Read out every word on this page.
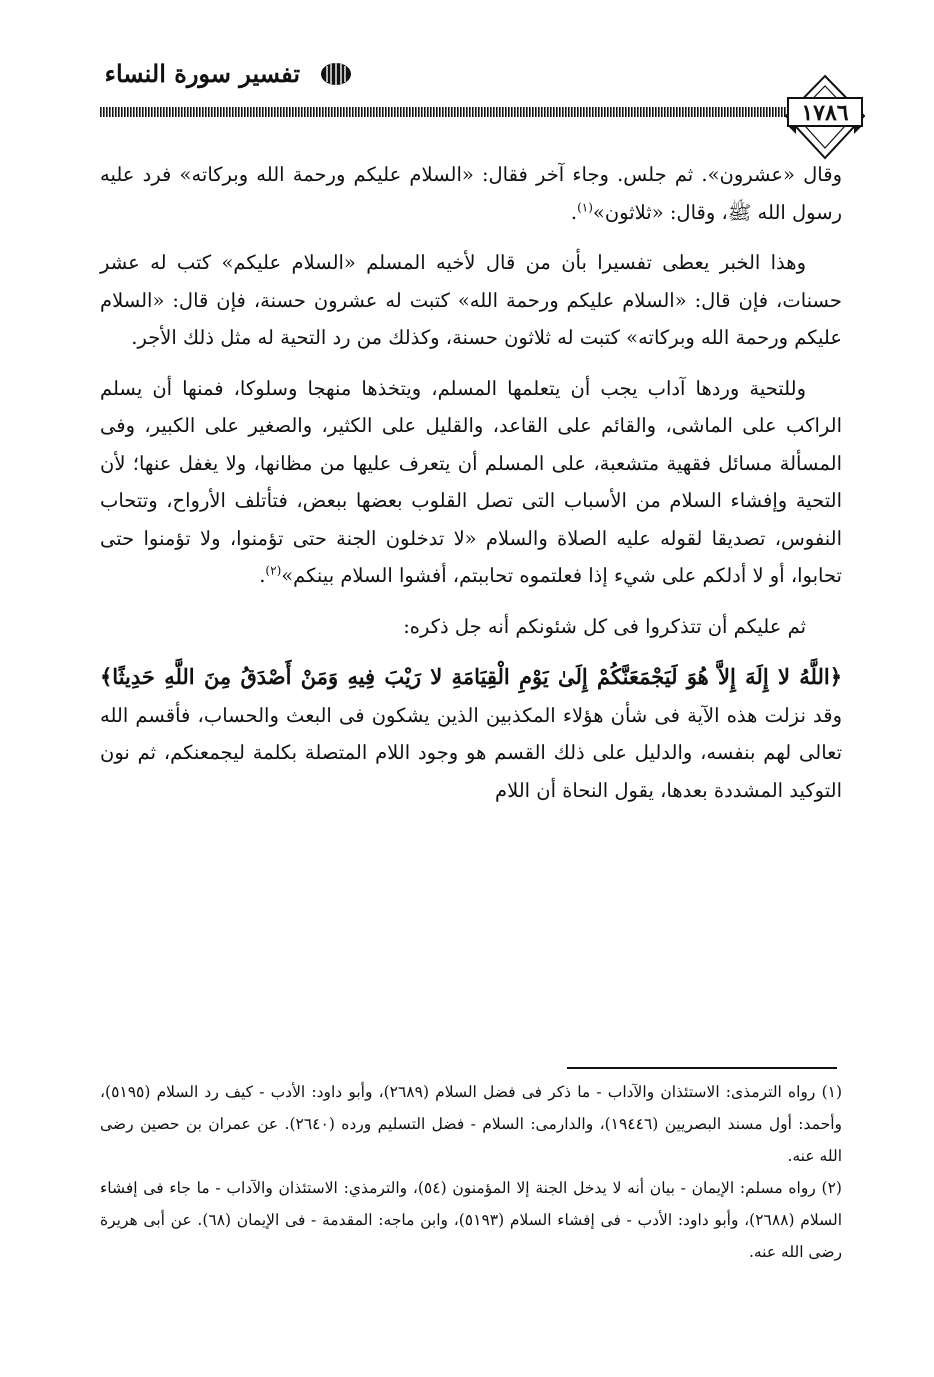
تفسير سورة النساء
١٧٨٦

وقال «عشرون». ثم جلس. وجاء آخر فقال: «السلام عليكم ورحمة الله وبركاته» فرد عليه رسول الله ﷺ، وقال: «ثلاثون»$^{(١)}$.

وهذا الخبر يعطى تفسيرا بأن من قال لأخيه المسلم «السلام عليكم» كتب له عشر حسنات، فإن قال: «السلام عليكم ورحمة الله» كتبت له عشرون حسنة، فإن قال: «السلام عليكم ورحمة الله وبركاته» كتبت له ثلاثون حسنة، وكذلك من رد التحية له مثل ذلك الأجر.

وللتحية وردها آداب يجب أن يتعلمها المسلم، ويتخذها منهجا وسلوكا، فمنها أن يسلم الراكب على الماشى، والقائم على القاعد، والقليل على الكثير، والصغير على الكبير، وفى المسألة مسائل فقهية متشعبة، على المسلم أن يتعرف عليها من مظانها، ولا يغفل عنها؛ لأن التحية وإفشاء السلام من الأسباب التى تصل القلوب بعضها ببعض، فتأتلف الأرواح، وتتحاب النفوس، تصديقا لقوله عليه الصلاة والسلام «لا تدخلون الجنة حتى تؤمنوا، ولا تؤمنوا حتى تحابوا، أو لا أدلكم على شيء إذا فعلتموه تحاببتم، أفشوا السلام بينكم»$^{(٢)}$.

ثم عليكم أن تتذكروا فى كل شئونكم أنه جل ذكره:

﴿اللَّهُ لا إِلَهَ إِلاَّ هُوَ لَيَجْمَعَنَّكُمْ إِلَىٰ يَوْمِ الْقِيَامَةِ لا رَيْبَ فِيهِ وَمَنْ أَصْدَقُ مِنَ اللَّهِ حَدِيثًا﴾ وقد نزلت هذه الآية فى شأن هؤلاء المكذبين الذين يشكون فى البعث والحساب، فأقسم الله تعالى لهم بنفسه، والدليل على ذلك القسم هو وجود اللام المتصلة بكلمة ليجمعنكم، ثم نون التوكيد المشددة بعدها، يقول النحاة أن اللام

(١) رواه الترمذى: الاستئذان والآداب - ما ذكر فى فضل السلام (٢٦٨٩)، وأبو داود: الأدب - كيف رد السلام (٥١٩٥)، وأحمد: أول مسند البصريين (١٩٤٤٦)، والدارمى: السلام - فضل التسليم ورده (٢٦٤٠). عن عمران بن حصين رضى الله عنه.

(٢) رواه مسلم: الإيمان - بيان أنه لا يدخل الجنة إلا المؤمنون (٥٤)، والترمذي: الاستئذان والآداب - ما جاء فى إفشاء السلام (٢٦٨٨)، وأبو داود: الأدب - فى إفشاء السلام (٥١٩٣)، وابن ماجه: المقدمة - فى الإيمان (٦٨). عن أبى هريرة رضى الله عنه.
